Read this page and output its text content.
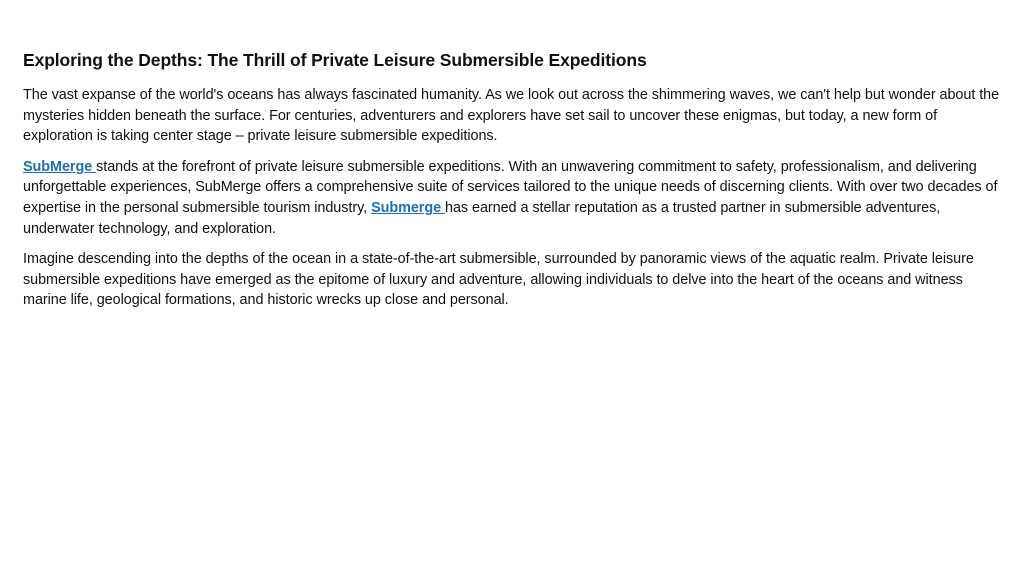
Exploring the Depths: The Thrill of Private Leisure Submersible Expeditions

The vast expanse of the world's oceans has always fascinated humanity. As we look out across the shimmering waves, we can't help but wonder about the mysteries hidden beneath the surface. For centuries, adventurers and explorers have set sail to uncover these enigmas, but today, a new form of exploration is taking center stage – private leisure submersible expeditions.

SubMerge stands at the forefront of private leisure submersible expeditions. With an unwavering commitment to safety, professionalism, and delivering unforgettable experiences, SubMerge offers a comprehensive suite of services tailored to the unique needs of discerning clients. With over two decades of expertise in the personal submersible tourism industry, Submerge has earned a stellar reputation as a trusted partner in submersible adventures, underwater technology, and exploration.

Imagine descending into the depths of the ocean in a state-of-the-art submersible, surrounded by panoramic views of the aquatic realm. Private leisure submersible expeditions have emerged as the epitome of luxury and adventure, allowing individuals to delve into the heart of the oceans and witness marine life, geological formations, and historic wrecks up close and personal.
